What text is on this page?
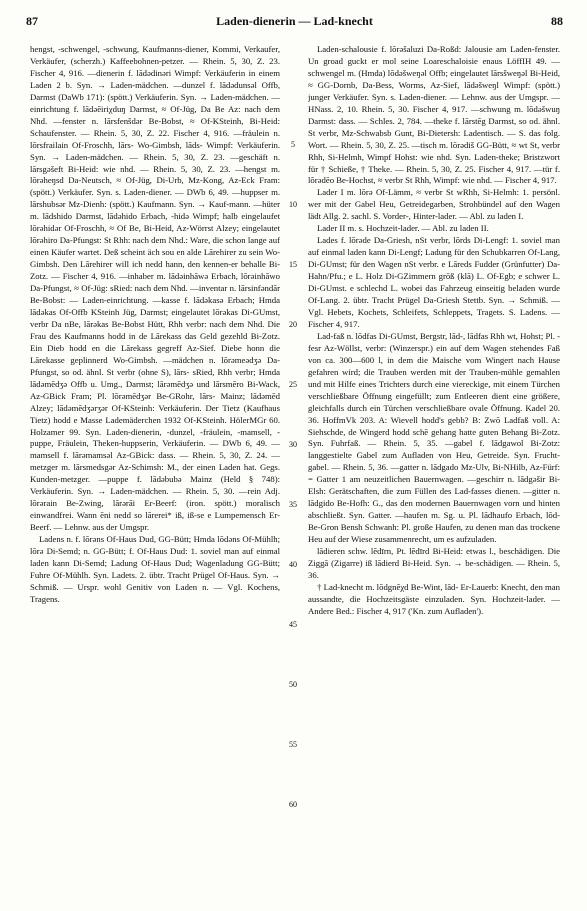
87	Laden-dienerin — Lad-knecht	88

hengst, -schwengel, -schwung, Kaufmanns-diener, Kommi, Verkaufer, Verkäufer, (scherzh.) Kaffeebohnen-petzer. — Rhein. 5, 30, Z. 23. Fischer 4, 916. —dienerin f. lādədinəri Wimpf: Verkäuferin in einem Laden 2 b. Syn. → Laden-mädchen. —dunzel f. lādədunsəl Offb, Darmst (DaWb 171): (spött.) Verkäuferin. Syn. → Laden-mädchen. —einrichtung f. lādəēiriχduŋ Darmst, ≈ Of-Jüg, Da Be Az: nach dem Nhd. —fenster n. lārsfenšdər Be-Bobst, ≈ Of-KSteinh, Bi-Heid: Schaufenster. — Rhein. 5, 30, Z. 22. Fischer 4, 916. —fräulein n. lōrsfrailain Of-Froschh, lārs- Wo-Gimbsh, lāds- Wimpf: Verkäuferin. Syn. → Laden-mädchen. — Rhein. 5, 30, Z. 23. —geschäft n. lārsgəšeft Bi-Heid: wie nhd. — Rhein. 5, 30, Z. 23. —hengst m. lōrəheŋsd Da-Neutsch, ≈ Of-Jüg, Di-Urb, Mz-Kong, Az-Eck Fram: (spött.) Verkäufer. Syn. s. Laden-diener. — DWb 6, 49. —huppser m. lārshubsər Mz-Dienh: (spött.) Kaufmann. Syn. → Kauf-mann. —hüter m. lādshido Darmst, lādəhido Erbach, -hidə Wimpf; halb eingelaufet lōrəhidər Of-Froschh, ≈ Of Be, Bi-Heid, Az-Wörrst Alzey; eingelautet lōrəhiro Da-Pfungst: St Rhh: nach dem Nhd.: Ware, die schon lange auf einen Käufer wartet. Deß scheint äch sou en alde Lārehirer zu sein Wo-Gimbsh. Den Lārehirer will ich nedd hann, den kennen-er behalle Bi-Zotz. — Fischer 4, 916. —inhaber m. lādəinhāwə Erbach, lōrəinhāwo Da-Pfungst, ≈ Of-Jüg: sRied: nach dem Nhd. —inventar n. lārsinfəndār Be-Bobst: — Laden-einrichtung. —kasse f. lādəkasə Erbach; Hmda lādəkas Of-Offb KSteinh Jüg, Darmst; eingelautet lōrəkas Di-GUmst, verbr Da nBe, lārəkas Be-Bobst Hütt, Rhh verbr: nach dem Nhd. Die Frau des Kaufmanns hodd in de Lārekass das Geld gezehld Bi-Zotz. Ein Dieb hodd en die Lārekass gegreff Az-Sief. Diebe honn die Lārekasse geplinnerd Wo-Gimbsh. —mädchen n. lōrəmeədʒə Da-Pfungst, so od. ähnl. St verbr (ohne S), lārs- sRied, Rhh verbr; Hmda lādəmēdʒə Offb u. Umg., Darmst; lārəmēdʒə und lārsmēro Bi-Wack, Az-GBick Fram; Pl. lōrəmēdʒər Be-GRohr, lārs- Mainz; lādəmēd Alzey; lādəmēdʒərʒər Of-KSteinh: Verkäuferin. Der Tietz (Kaufhaus Tietz) hodd e Masse Lademäderchen 1932 Of-KSteinh. HölerMGr 60. Holzamer 99. Syn. Laden-dienerin, -dunzel, -fräulein, -mamsell, -puppe, Fräulein, Theken-huppserin, Verkäuferin. — DWb 6, 49. —mamsell f. lārəmamsəl Az-GBick: dass. — Rhein. 5, 30, Z. 24. —metzger m. lārsmedsgər Az-Schimsh: M., der einen Laden hat. Gegs. Kunden-metzger. —puppe f. lādəbubə Mainz (Held § 748): Verkäuferin. Syn. → Laden-mädchen. — Rhein. 5, 30. —rein Adj. lōrərain Be-Zwing, lārərāi Er-Beerf: (iron. spött.) moralisch einwandfrei. Wann ēni nedd so lārerei* iß, iß-se e Lumpemensch Er-Beerf. — Lehnw. aus der Umgspr.

Ladens n. f. lōrəns Of-Haus Dud, GG-Bütt; Hmda lōdəns Of-Mühlh; lōrə Di-Semd; n. GG-Bütt; f. Of-Haus Dud: 1. soviel man auf einmal laden kann Di-Semd; Ladung Of-Haus Dud; Wagenladung GG-Bütt; Fuhre Of-Mühlh. Syn. Ladets. 2. übtr. Tracht Prügel Of-Haus. Syn. → Schmiß. — Urspr. wohl Genitiv von Laden n. — Vgl. Kochens, Tragens.

5
10
15
20
25
30
35
40
45
50
55
60

Laden-schalousie f. lōrəšaluzi Da-Roßd: Jalousie am Laden-fenster. Un groad guckt er mol seine Loareschaloisie enaus LöffIH 49. —schwengel m. (Hmda) lōdəšweŋəl Offb; eingelautet lārsšweŋəl Bi-Heid, ≈ GG-Dornb, Da-Bess, Worms, Az-Sief, lādəšweŋl Wimpf: (spött.) junger Verkäufer. Syn. s. Laden-diener. — Lehnw. aus der Umgspr. — HNass. 2, 10. Rhein. 5, 30. Fischer 4, 917. —schwung m. lōdəšwuŋ Darmst: dass. — Schles. 2, 784. —theke f. lārstēg Darmst, so od. ähnl. St verbr, Mz-Schwabsb Gunt, Bi-Dietersh: Ladentisch. — S. das folg. Wort. — Rhein. 5, 30, Z. 25. —tisch m. lōrədiš GG-Bütt, ≈ wt St, verbr Rhh, Si-Helmh, Wimpf Hohst: wie nhd. Syn. Laden-theke; Bristzwort für † Schieße, † Theke. — Rhein. 5, 30, Z. 25. Fischer 4, 917. —tür f. lōrədēo Be-Hochst, ≈ verbr St Rhh, Wimpf: wie nhd. — Fischer 4, 917.

Lader I m. lōrə Of-Lämm, ≈ verbr St wRhh, Si-Helmh: 1. persönl. wer mit der Gabel Heu, Getreidegarben, Strohbündel auf den Wagen lädt Allg. 2. sachl. S. Vorder-, Hinter-lader. — Abl. zu laden I.

Lader II m. s. Hochzeit-lader. — Abl. zu laden II.

Lades f. lōrəde Da-Griesh, nSt verbr, lōrds Di-Lengf: 1. soviel man auf einmal laden kann Di-Lengf; Ladung für den Schubkarren Of-Lang, Di-GUmst; für den Wagen nSt verbr. e Lāreds Fudder (Grünfutter) Da-Hahn/Pfu.; e L. Holz Di-GZimmern grōß (klā) L. Of-Egb; e schwer L. Di-GUmst. e schlechd L. wobei das Fahrzeug einseitig beladen wurde Of-Lang. 2. übtr. Tracht Prügel Da-Griesh Stettb. Syn. → Schmiß. — Vgl. Hebets, Kochets, Schleifets, Schleppets, Tragets. S. Ladens. — Fischer 4, 917.

Lad-faß n. lōdfas Di-GUmst, Bergstr, lād-, lādfas Rhh wt, Hohst; Pl. -fesr Az-Wöllst, verbr: (Winzerspr.) ein auf dem Wagen stehendes Faß von ca. 300—600 l, in dem die Maische vom Wingert nach Hause gefahren wird; die Trauben werden mit der Trauben-mühle gemahlen und mit Hilfe eines Trichters durch eine viereckige, mit einem Türchen verschließbare Öffnung eingefüllt; zum Entleeren dient eine größere, gleichfalls durch ein Türchen verschließbare ovale Öffnung. Kadel 20. 36. HoffmVk 203. A: Wievell hodd's gebb? B: Zwō Ladfaß voll. A: Siehschde, de Wingerd hodd schē gehang hatte guten Behang Bi-Zotz. Syn. Fuhrfaß. — Rhein. 5, 35. —gabel f. lādgawol Bi-Zotz: langgestielte Gabel zum Aufladen von Heu, Getreide. Syn. Frucht-gabel. — Rhein. 5, 36. —gatter n. lādgado Mz-Ulv, Bi-NHilb, Az-Fürf: = Gatter 1 am neuzeitlichen Bauernwagen. —geschirr n. lādgəšir Bi-Elsh: Gerätschaften, die zum Füllen des Lad-fasses dienen. —gitter n. lādgido Be-Hofh: G., das den modernen Bauernwagen vorn und hinten abschließt. Syn. Gatter. —haufen m. Sg. u. Pl. lādhaufo Erbach, lōd- Be-Gron Bensh Schwanh: Pl. große Haufen, zu denen man das trockene Heu auf der Wiese zusammenrecht, um es aufzuladen.

lādieren schw. lēdīrn, Pt. lēdīrd Bi-Heid: etwas l., beschädigen. Die Ziggā (Zigarre) iß lādierd Bi-Heid. Syn. → be-schädigen. — Rhein. 5, 36.

† Lad-knecht m. lōdgnēχd Be-Wint, lād- Er-Lauerb: Knecht, den man aussandte, die Hochzeitsgäste einzuladen. Syn. Hochzeit-lader. — Andere Bed.: Fischer 4, 917 ('Kn. zum Aufladen').
